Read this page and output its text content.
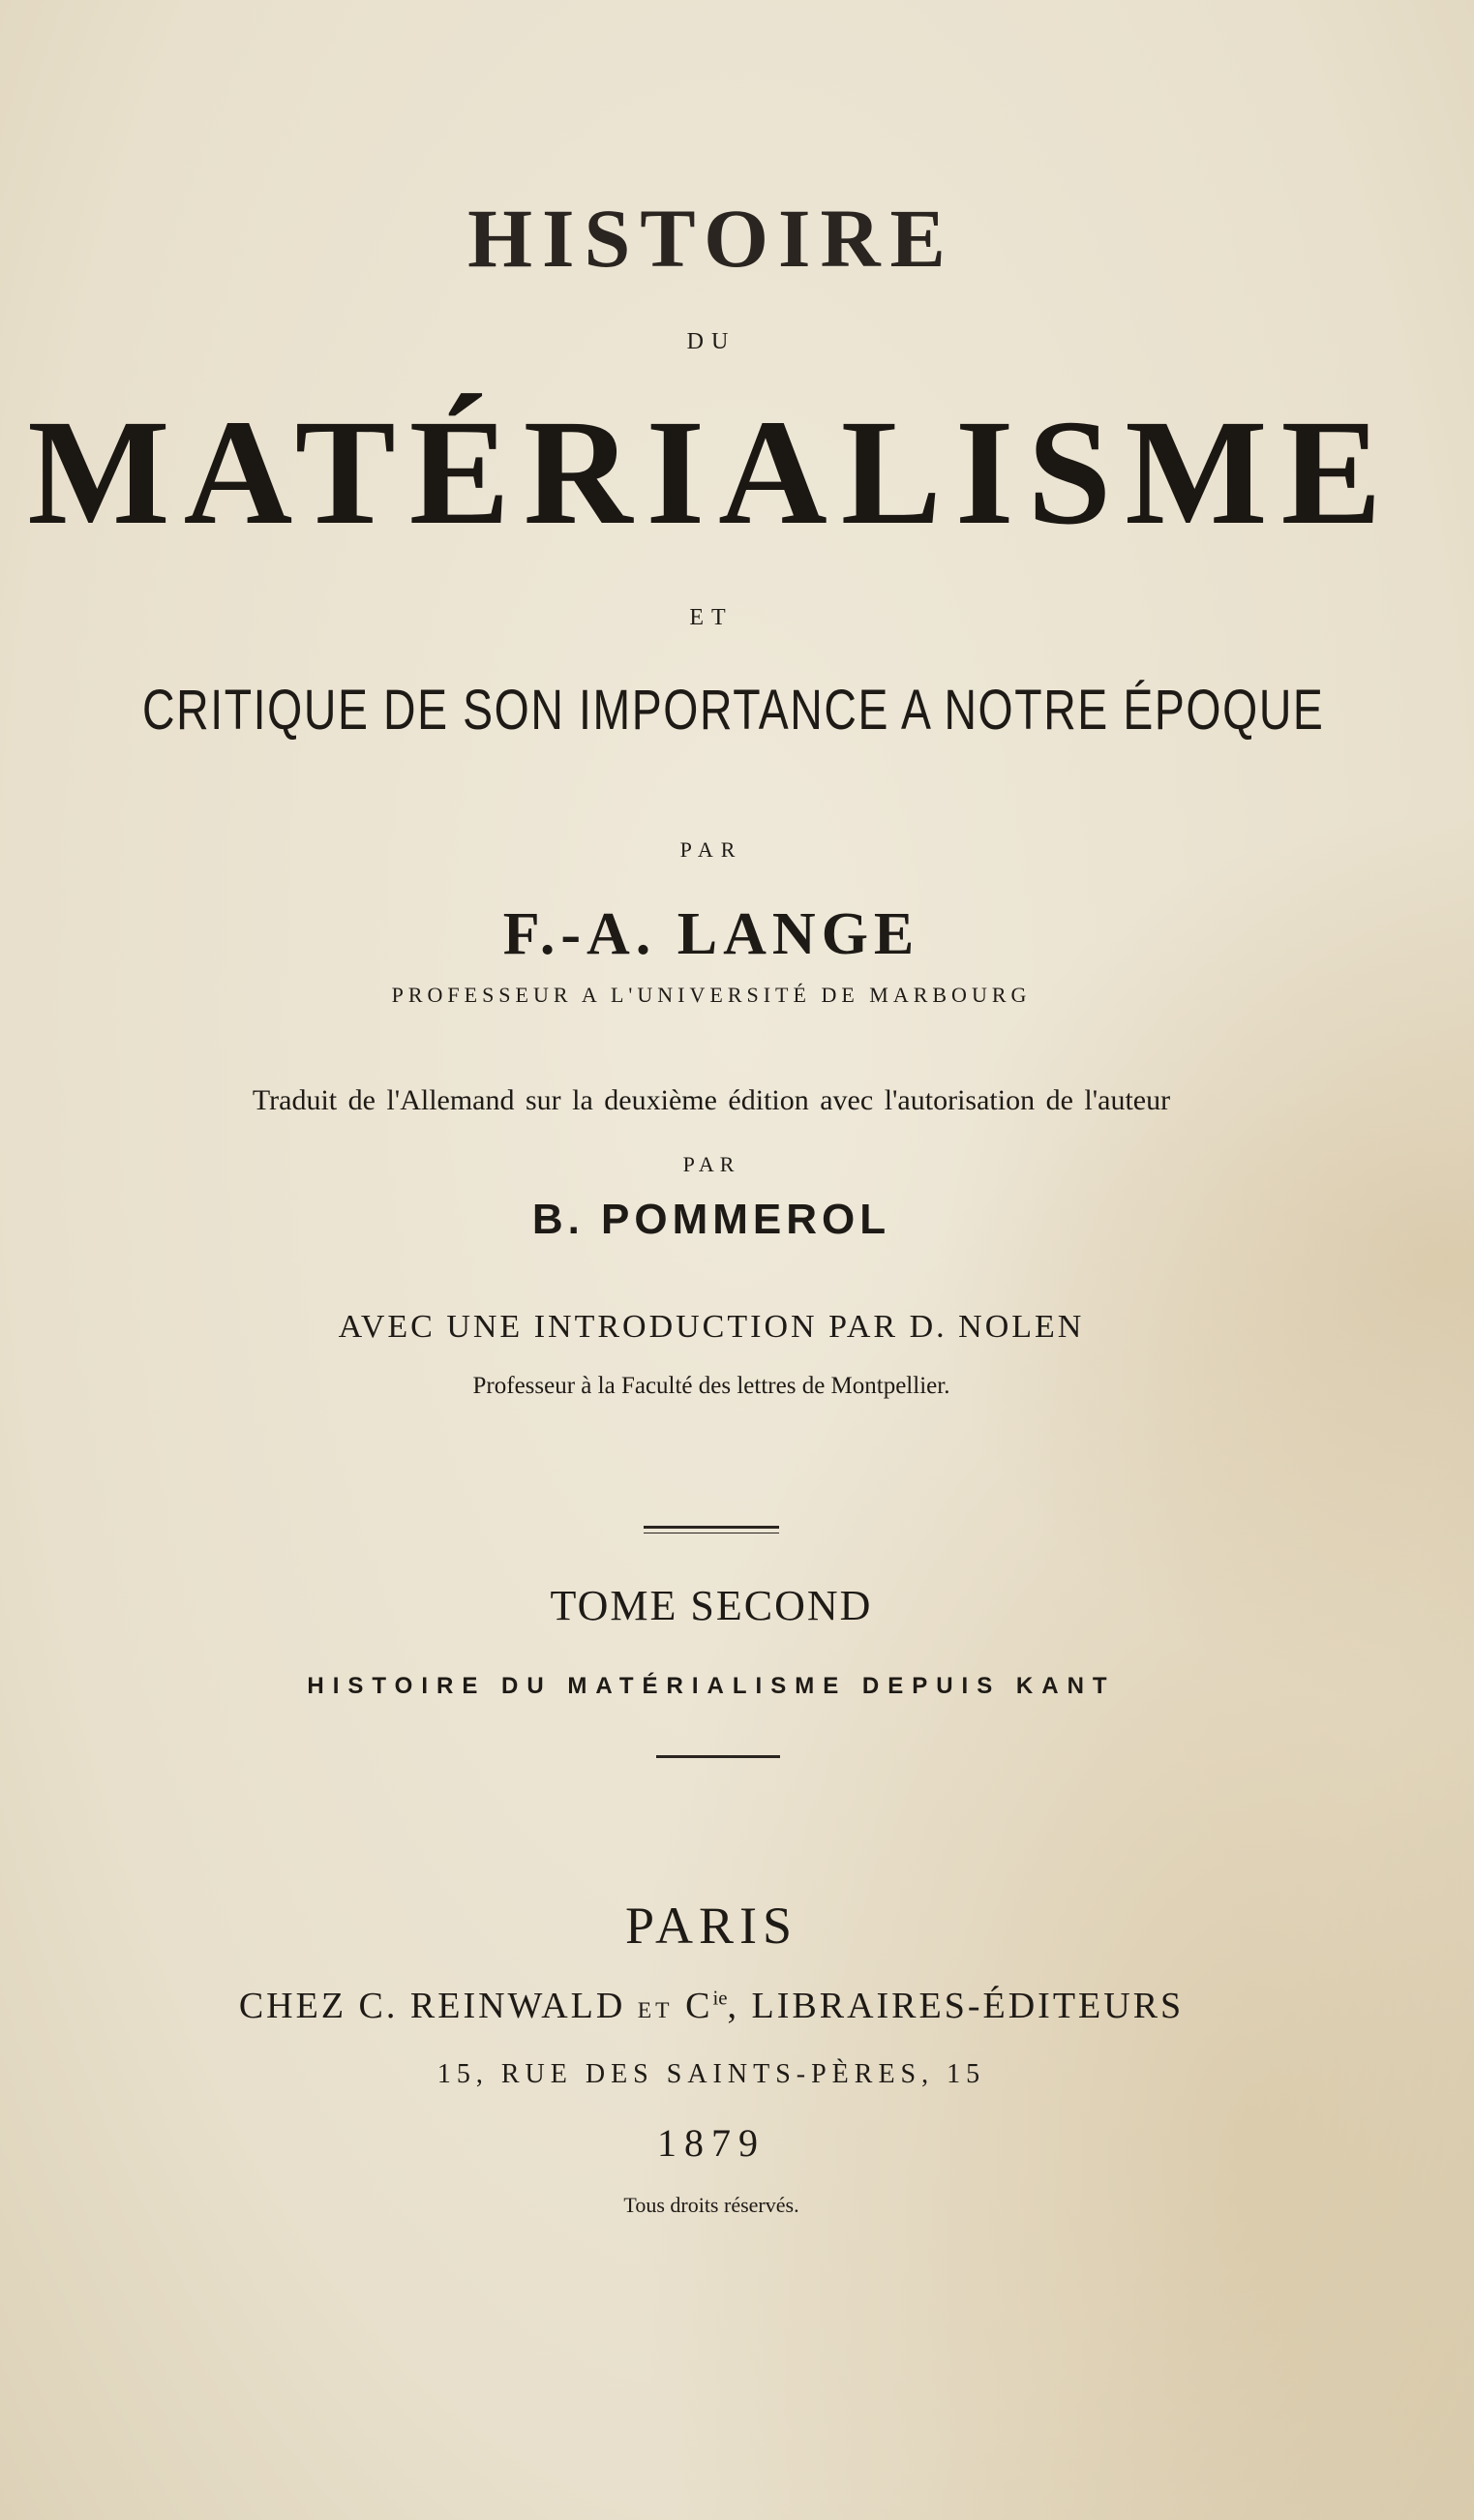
HISTOIRE
DU
MATÉRIALISME
ET
CRITIQUE DE SON IMPORTANCE A NOTRE ÉPOQUE
PAR
F.-A. LANGE
PROFESSEUR A L'UNIVERSITÉ DE MARBOURG
Traduit de l'Allemand sur la deuxième édition avec l'autorisation de l'auteur
PAR
B. POMMEROL
AVEC UNE INTRODUCTION PAR D. NOLEN
Professeur à la Faculté des lettres de Montpellier.
TOME SECOND
HISTOIRE DU MATÉRIALISME DEPUIS KANT
PARIS
CHEZ C. REINWALD ET $C^{ie}$, LIBRAIRES-ÉDITEURS
15, RUE DES SAINTS-PÈRES, 15
1879
Tous droits réservés.
